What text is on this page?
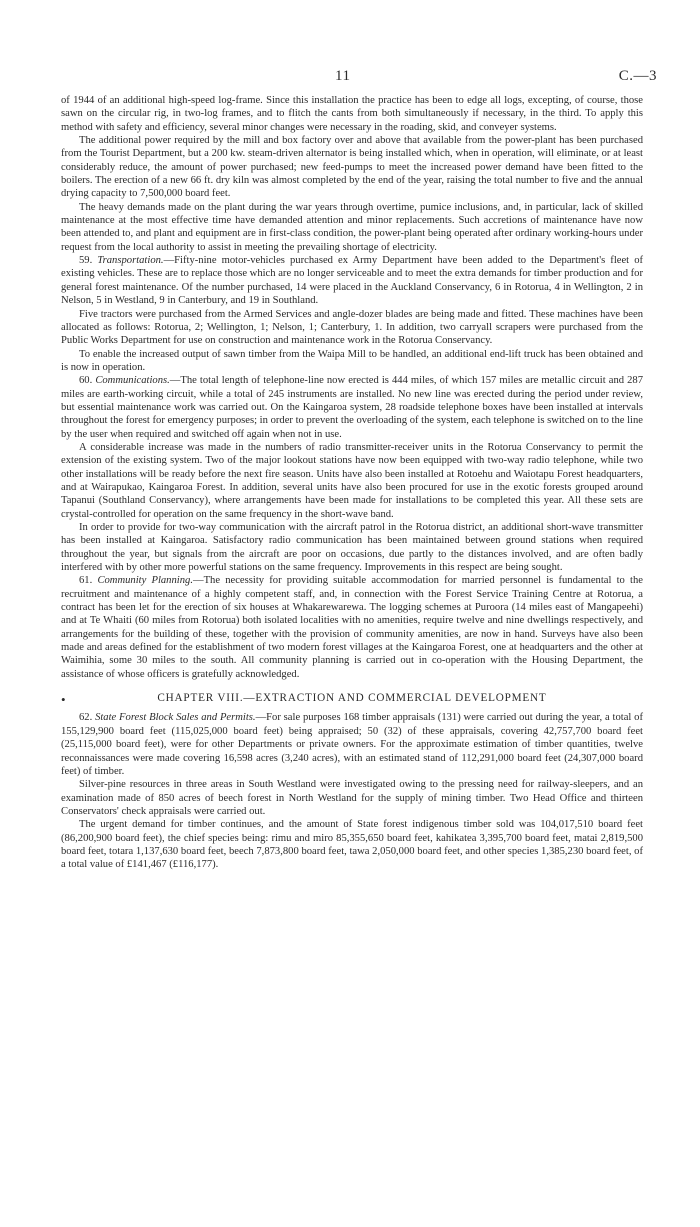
11	C.—3

of 1944 of an additional high-speed log-frame. Since this installation the practice has been to edge all logs, excepting, of course, those sawn on the circular rig, in two-log frames, and to flitch the cants from both simultaneously if necessary, in the third. To apply this method with safety and efficiency, several minor changes were necessary in the roading, skid, and conveyer systems.

The additional power required by the mill and box factory over and above that available from the power-plant has been purchased from the Tourist Department, but a 200 kw. steam-driven alternator is being installed which, when in operation, will eliminate, or at least considerably reduce, the amount of power purchased; new feed-pumps to meet the increased power demand have been fitted to the boilers. The erection of a new 66 ft. dry kiln was almost completed by the end of the year, raising the total number to five and the annual drying capacity to 7,500,000 board feet.

The heavy demands made on the plant during the war years through overtime, pumice inclusions, and, in particular, lack of skilled maintenance at the most effective time have demanded attention and minor replacements. Such accretions of maintenance have now been attended to, and plant and equipment are in first-class condition, the power-plant being operated after ordinary working-hours under request from the local authority to assist in meeting the prevailing shortage of electricity.

59. Transportation.—Fifty-nine motor-vehicles purchased ex Army Department have been added to the Department's fleet of existing vehicles. These are to replace those which are no longer serviceable and to meet the extra demands for timber production and for general forest maintenance. Of the number purchased, 14 were placed in the Auckland Conservancy, 6 in Rotorua, 4 in Wellington, 2 in Nelson, 5 in Westland, 9 in Canterbury, and 19 in Southland.

Five tractors were purchased from the Armed Services and angle-dozer blades are being made and fitted. These machines have been allocated as follows: Rotorua, 2; Wellington, 1; Nelson, 1; Canterbury, 1. In addition, two carryall scrapers were purchased from the Public Works Department for use on construction and maintenance work in the Rotorua Conservancy.

To enable the increased output of sawn timber from the Waipa Mill to be handled, an additional end-lift truck has been obtained and is now in operation.

60. Communications.—The total length of telephone-line now erected is 444 miles, of which 157 miles are metallic circuit and 287 miles are earth-working circuit, while a total of 245 instruments are installed. No new line was erected during the period under review, but essential maintenance work was carried out. On the Kaingaroa system, 28 roadside telephone boxes have been installed at intervals throughout the forest for emergency purposes; in order to prevent the overloading of the system, each telephone is switched on to the line by the user when required and switched off again when not in use.

A considerable increase was made in the numbers of radio transmitter-receiver units in the Rotorua Conservancy to permit the extension of the existing system. Two of the major lookout stations have now been equipped with two-way radio telephone, while two other installations will be ready before the next fire season. Units have also been installed at Rotoehu and Waiotapu Forest headquarters, and at Wairapukao, Kaingaroa Forest. In addition, several units have also been procured for use in the exotic forests grouped around Tapanui (Southland Conservancy), where arrangements have been made for installations to be completed this year. All these sets are crystal-controlled for operation on the same frequency in the short-wave band.

In order to provide for two-way communication with the aircraft patrol in the Rotorua district, an additional short-wave transmitter has been installed at Kaingaroa. Satisfactory radio communication has been maintained between ground stations when required throughout the year, but signals from the aircraft are poor on occasions, due partly to the distances involved, and are often badly interfered with by other more powerful stations on the same frequency. Improvements in this respect are being sought.

61. Community Planning.—The necessity for providing suitable accommodation for married personnel is fundamental to the recruitment and maintenance of a highly competent staff, and, in connection with the Forest Service Training Centre at Rotorua, a contract has been let for the erection of six houses at Whakarewarewa. The logging schemes at Puroora (14 miles east of Mangapeehi) and at Te Whaiti (60 miles from Rotorua) both isolated localities with no amenities, require twelve and nine dwellings respectively, and arrangements for the building of these, together with the provision of community amenities, are now in hand. Surveys have also been made and areas defined for the establishment of two modern forest villages at the Kaingaroa Forest, one at headquarters and the other at Waimihia, some 30 miles to the south. All community planning is carried out in co-operation with the Housing Department, the assistance of whose officers is gratefully acknowledged.

•	CHAPTER VIII.—EXTRACTION AND COMMERCIAL DEVELOPMENT

62. State Forest Block Sales and Permits.—For sale purposes 168 timber appraisals (131) were carried out during the year, a total of 155,129,900 board feet (115,025,000 board feet) being appraised; 50 (32) of these appraisals, covering 42,757,700 board feet (25,115,000 board feet), were for other Departments or private owners. For the approximate estimation of timber quantities, twelve reconnaissances were made covering 16,598 acres (3,240 acres), with an estimated stand of 112,291,000 board feet (24,307,000 board feet) of timber.

Silver-pine resources in three areas in South Westland were investigated owing to the pressing need for railway-sleepers, and an examination made of 850 acres of beech forest in North Westland for the supply of mining timber. Two Head Office and thirteen Conservators' check appraisals were carried out.

The urgent demand for timber continues, and the amount of State forest indigenous timber sold was 104,017,510 board feet (86,200,900 board feet), the chief species being: rimu and miro 85,355,650 board feet, kahikatea 3,395,700 board feet, matai 2,819,500 board feet, totara 1,137,630 board feet, beech 7,873,800 board feet, tawa 2,050,000 board feet, and other species 1,385,230 board feet, of a total value of £141,467 (£116,177).
